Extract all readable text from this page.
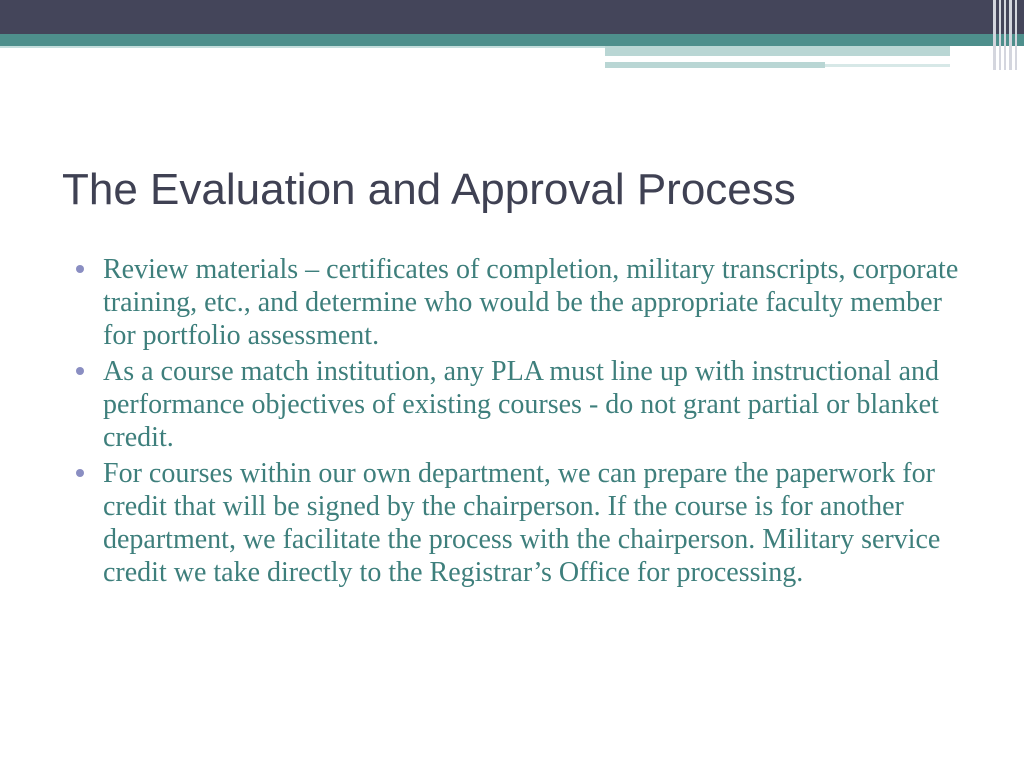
The Evaluation and Approval Process
Review materials – certificates of completion, military transcripts, corporate training, etc., and determine who would be the appropriate faculty member for portfolio assessment.
As a course match institution, any PLA must line up with instructional and performance objectives of existing courses - do not grant partial or blanket credit.
For courses within our own department, we can prepare the paperwork for credit that will be signed by the chairperson. If the course is for another department, we facilitate the process with the chairperson. Military service credit we take directly to the Registrar’s Office for processing.
